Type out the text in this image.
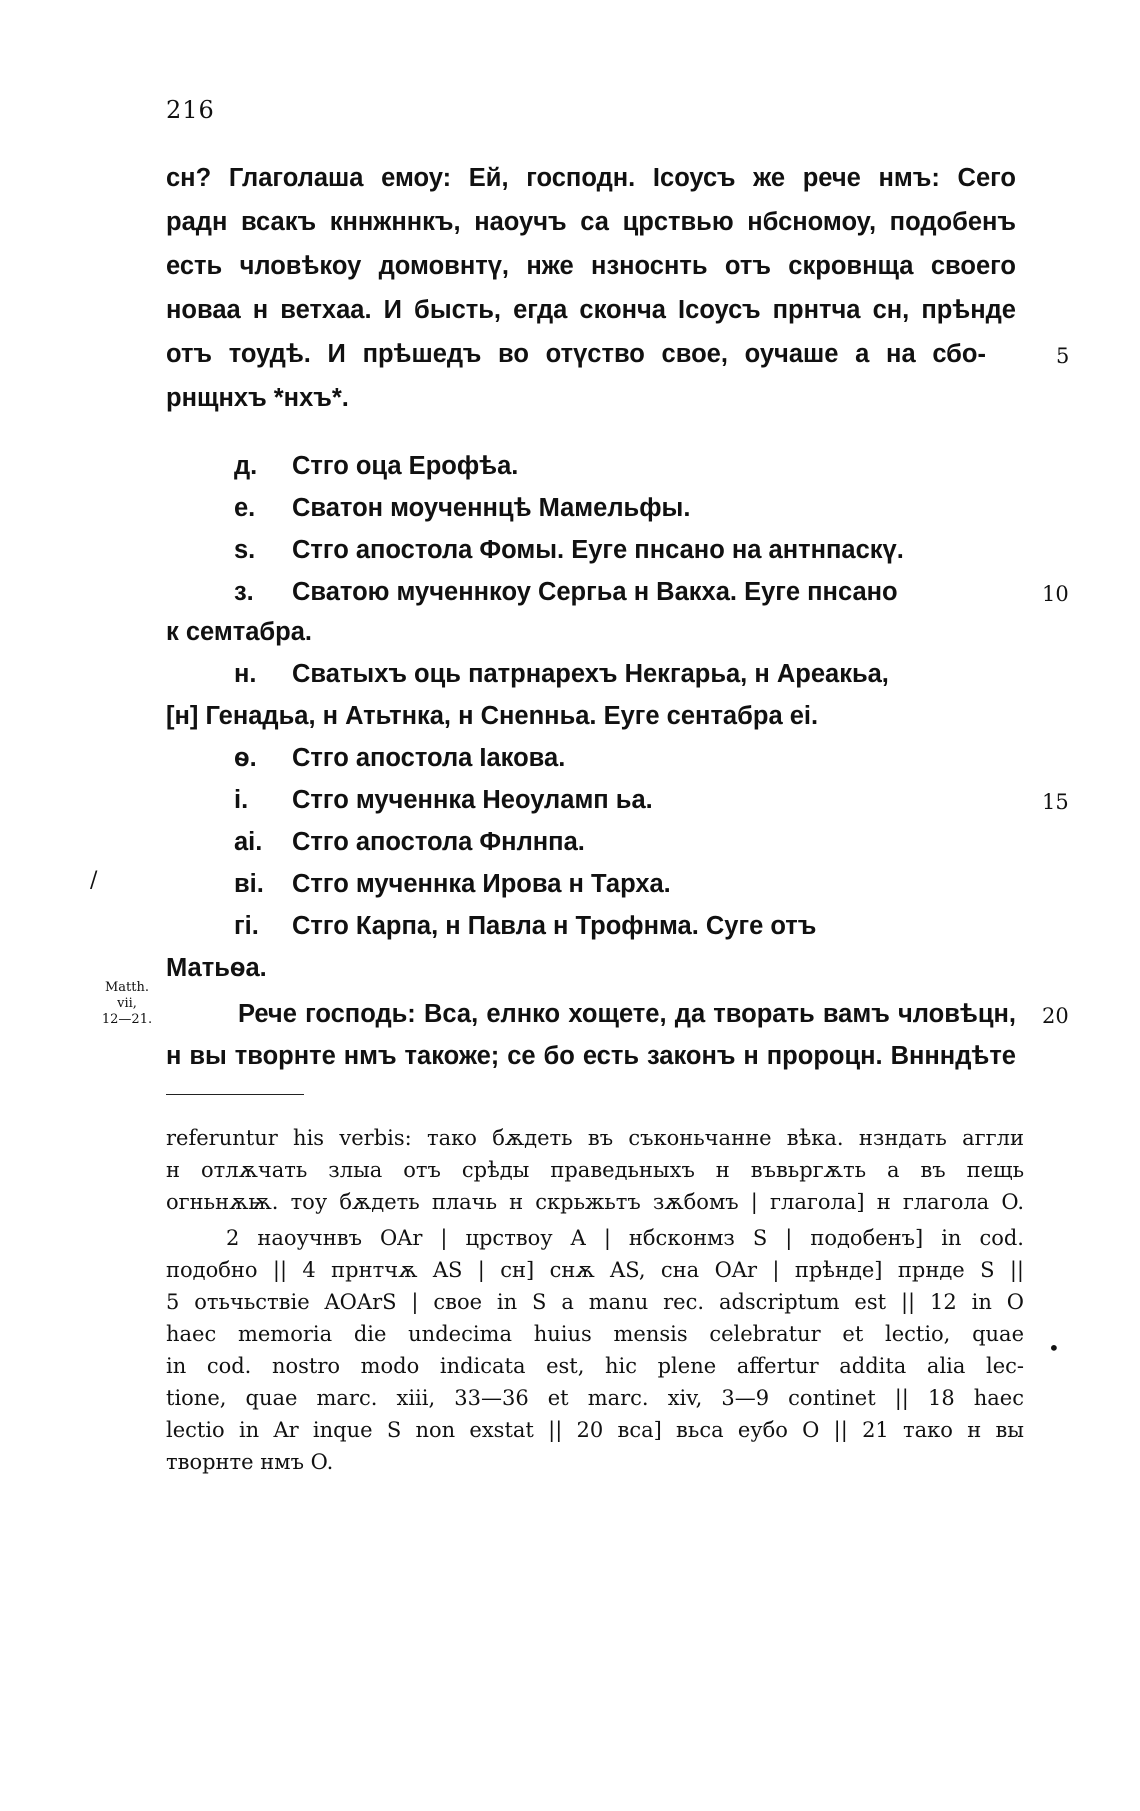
216
/
Matth.
vii,
12—21.
•
сн? Глаголаша емоу: Ей, господн. Ісоусъ же рече нмъ: Сего
радн всакъ кннжннкъ, наоучъ са црствью нбсномоу, подобенъ
есть чловѣкоу домовнтү, нже нзноснть отъ скровнща своего
новаа н ветхаа. И бысть, егда сконча Ісоусъ прнтча сн, прѣнде
отъ тоудѣ. И прѣшедъ во отүство свое, оучаше а на сбо-
рнщнхъ *нхъ*.
д. Стго оца Ерофѣа.
е. Сватон моученнцѣ Мамельфы.
s. Стго апостола Фомы. Еуге пнсано на антнпаскү.
з. Сватою мученнкоу Сергьа н Вакха. Еуге пнсано
к семтабра.
н. Сватыхъ оць патрнарехъ Некгарьа, н Ареакьа,
[н] Генадьа, н Атьтнка, н Снеnньа. Еуге сентабра eі.
ѳ. Стго апостола Іакова.
і. Стго мученнка Неоуламп ьа.
аі. Стго апостола Фнлнпа.
ві. Стго мученнка Ирова н Тарха.
гі. Стго Карпа, н Павла н Трофнма. Суге отъ
Матьѳа.
Рече господь: Вса, елнко хощете, да творать вамъ чловѣцн,
н вы творнте нмъ такоже; се бо есть законъ н пророцн. Вннндѣте
5
10
15
20
referuntur his verbis: тако бѫдеть въ съконьчанне вѣка. нзндать аггли
н отлѫчать злыа отъ срѣды праведьныхъ н въвьргѫть а въ пещь
огньнѫѭ. тоу бѫдеть плачь н скрьжьтъ зѫбомъ | глагола] н глагола O.
2 наоучнвъ OAr | црствоу A | нбсконмз S | подобенъ] in cod.
подобно || 4 прнтчѫ AS | сн] снѫ AS, сна OAr | прѣнде] прнде S ||
5 отьчьствіе AOArS | свое in S a manu rec. adscriptum est || 12 in O
haec memoria die undecima huius mensis celebratur et lectio, quae
in cod. nostro modo indicata est, hic plene affertur addita alia lec-
tione, quae marc. xiii, 33—36 et marc. xiv, 3—9 continet || 18 haec
lectio in Ar inque S non exstat || 20 вса] вьса еубо O || 21 тако н вы
творнте нмъ O.
